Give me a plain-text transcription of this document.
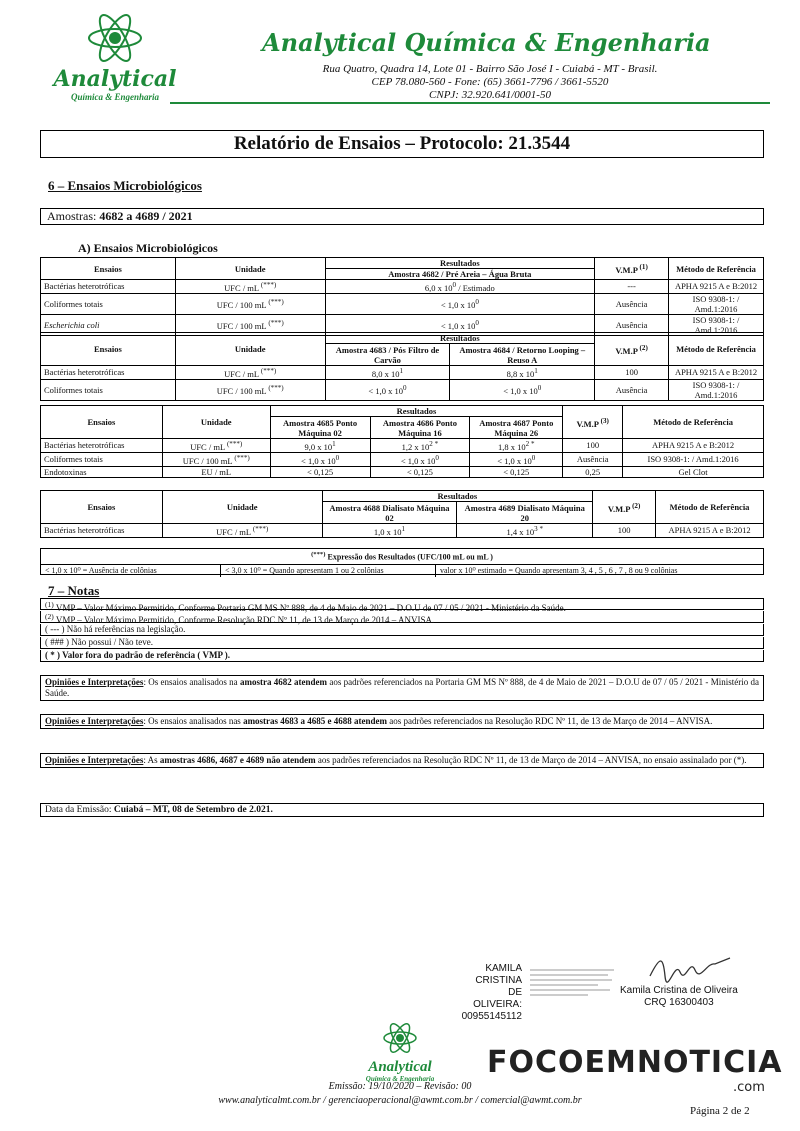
Analytical
Química & Engenharia
Analytical Química & Engenharia
Rua Quatro, Quadra 14, Lote 01 - Bairro São José I - Cuiabá - MT - Brasil.
CEP 78.080-560 - Fone: (65) 3661-7796 / 3661-5520
CNPJ: 32.920.641/0001-50
Relatório de Ensaios – Protocolo: 21.3544
6 – Ensaios Microbiológicos
Amostras: 4682 a 4689 / 2021
A) Ensaios Microbiológicos
Ensaios	Unidade	Resultados	V.M.P $^{(1)}$	Método de Referência
		Amostra 4682 / Pré Areia – Água Bruta		
Bactérias heterotróficas	UFC / mL (***)	6,0 x $10^0$ / Estimado	---	APHA 9215 A e B:2012
Coliformes totais	UFC / 100 mL (***)	< 1,0 x $10^0$	Ausência	ISO 9308-1: / Amd.1:2016
Escherichia coli	UFC / 100 mL (***)	< 1,0 x $10^0$	Ausência	ISO 9308-1: / Amd.1:2016
Ensaios	Unidade	Resultados		V.M.P $^{(2)}$	Método de Referência
		Amostra 4683 / Pós Filtro de Carvão	Amostra 4684 / Retorno Looping – Reuso A		
Bactérias heterotróficas	UFC / mL (***)	8,0 x $10^1$	8,8 x $10^1$	100	APHA 9215 A e B:2012
Coliformes totais	UFC / 100 mL (***)	< 1,0 x $10^0$	< 1,0 x $10^0$	Ausência	ISO 9308-1: / Amd.1:2016
Ensaios	Unidade	Resultados			V.M.P $^{(3)}$	Método de Referência
		Amostra 4685 Ponto Máquina 02	Amostra 4686 Ponto Máquina 16	Amostra 4687 Ponto Máquina 26		
Bactérias heterotróficas	UFC / mL (***)	9,0 x $10^1$	1,2 x $10^{2 *}$	1,8 x $10^{2 *}$	100	APHA 9215 A e B:2012
Coliformes totais	UFC / 100 mL (***)	< 1,0 x $10^0$	< 1,0 x $10^0$	< 1,0 x $10^0$	Ausência	ISO 9308-1: / Amd.1:2016
Endotoxinas	EU / mL	< 0,125	< 0,125	< 0,125	0,25	Gel Clot
Ensaios	Unidade	Resultados		V.M.P $^{(2)}$	Método de Referência
		Amostra 4688 Dialisato Máquina 02	Amostra 4689 Dialisato Máquina 20		
Bactérias heterotróficas	UFC / mL (***)	1,0 x $10^1$	1,4 x $10^{3 *}$	100	APHA 9215 A e B:2012
(***) Expressão dos Resultados (UFC/100 mL ou mL )
< 1,0 x 10⁰ = Ausência de colônias	< 3,0 x 10⁰ = Quando apresentam 1 ou 2 colônias	valor x 10⁰ estimado = Quando apresentam 3, 4 , 5 , 6 , 7 , 8 ou 9 colônias
7 – Notas
$^{(1)}$ VMP – Valor Máximo Permitido, Conforme Portaria GM MS Nº 888, de 4 de Maio de 2021 – D.O.U de 07 / 05 / 2021 - Ministério da Saúde.
$^{(2)}$ VMP – Valor Máximo Permitido, Conforme Resolução RDC Nº 11, de 13 de Março de 2014 – ANVISA.
( --- ) Não há referências na legislação.
( ### ) Não possui / Não teve.
( * ) Valor fora do padrão de referência ( VMP ).
Opiniões e Interpretações: Os ensaios analisados na amostra 4682 atendem aos padrões referenciados na Portaria GM MS Nº 888, de 4 de Maio de 2021 – D.O.U de 07 / 05 / 2021 - Ministério da Saúde.
Opiniões e Interpretações: Os ensaios analisados nas amostras 4683 a 4685 e 4688 atendem aos padrões referenciados na Resolução RDC Nº 11, de 13 de Março de 2014 – ANVISA.
Opiniões e Interpretações: As amostras 4686, 4687 e 4689 não atendem aos padrões referenciados na Resolução RDC Nº 11, de 13 de Março de 2014 – ANVISA, no ensaio assinalado por (*).
Data da Emissão: Cuiabá – MT, 08 de Setembro de 2.021.
KAMILA
CRISTINA DE
OLIVEIRA:
00955145112
Kamila Cristina de Oliveira
CRQ 16300403
Analytical
Química & Engenharia
Emissão: 19/10/2020 – Revisão: 00
www.analyticalmt.com.br / gerenciaoperacional@awmt.com.br / comercial@awmt.com.br
FOCOEMNOTICIA
.com
Página 2 de 2
